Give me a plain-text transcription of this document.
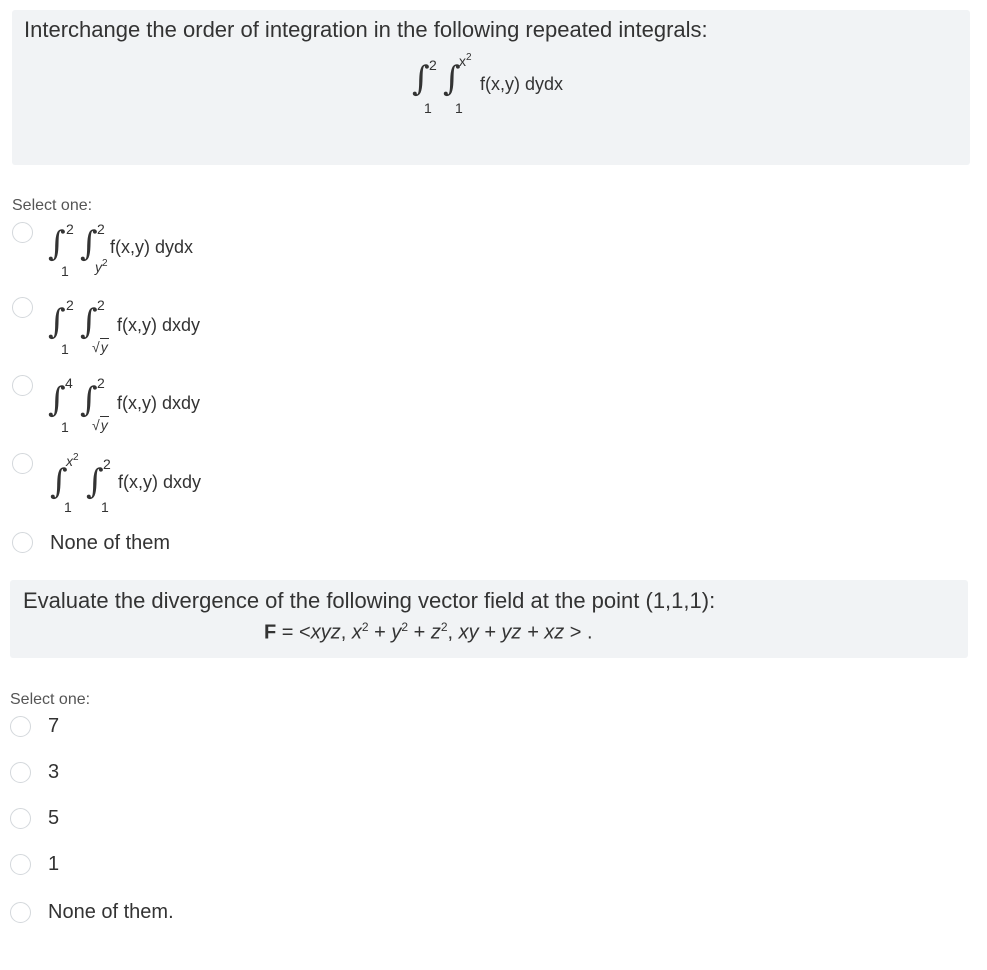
Interchange the order of integration in the following repeated integrals:
∫ 2
1
∫
$x^2$
1
f(x,y) dydx
Select one:
∫ 2
1
∫ 2
$y^2$
f(x,y) dydx
∫ 2
1
∫ 2
√y
f(x,y) dxdy
∫ 4
1
∫ 2
√y
f(x,y) dxdy
∫
$x^2$
1
∫ 2
1
f(x,y) dxdy
None of them
Evaluate the divergence of the following vector field at the point (1,1,1):
F = <xyz, $x^2 + y^2 + z^2$, xy + yz + xz > .
Select one:
7
3
5
1
None of them.
